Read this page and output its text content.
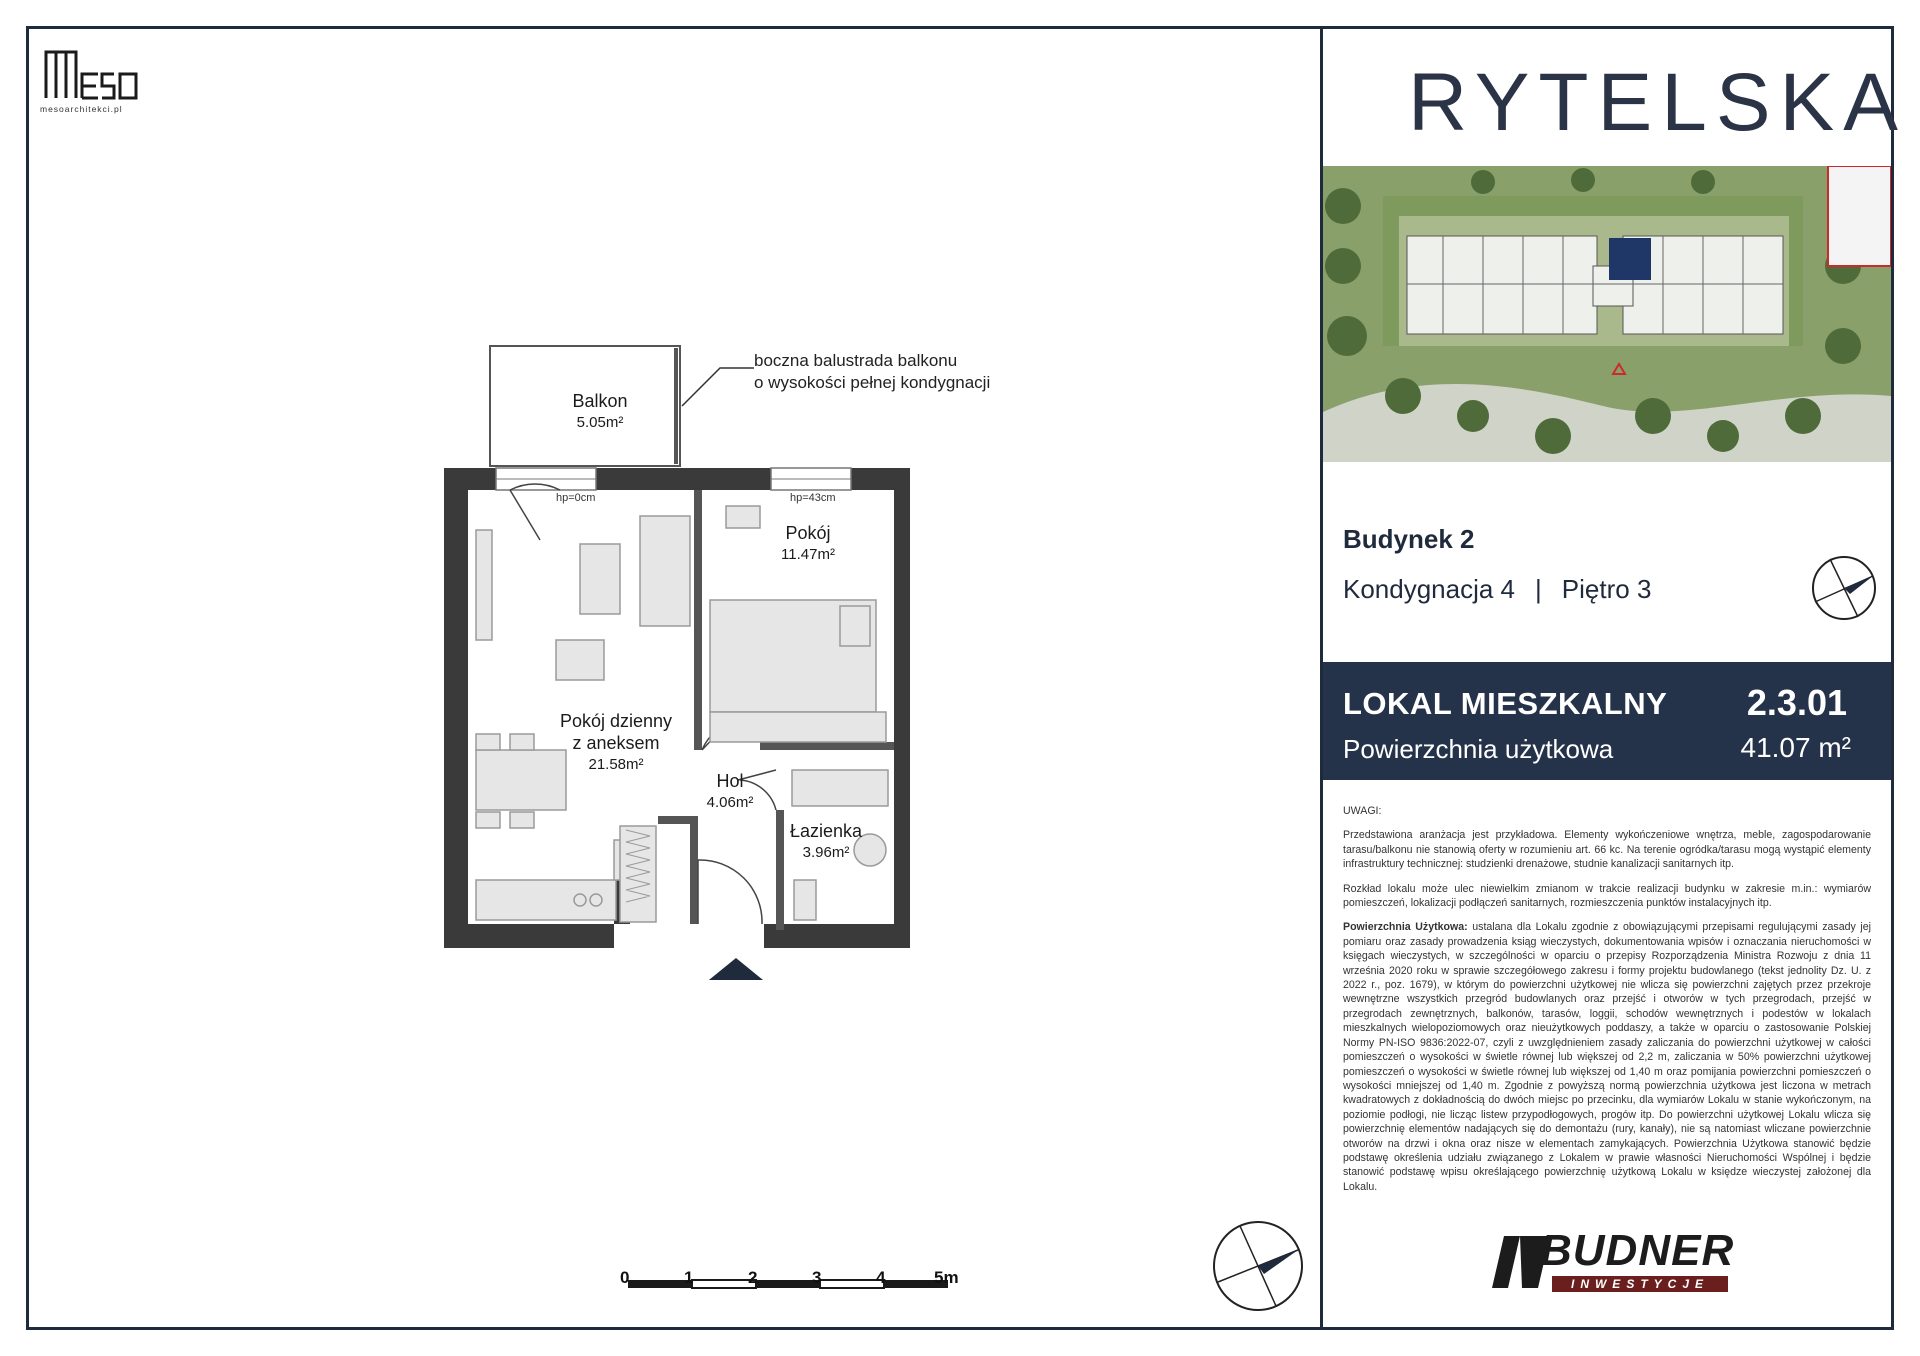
mesoarchitekci.pl
Balkon
5.05m²
Pokój
11.47m²
Pokój dzienny
z aneksem
21.58m²
Hol
4.06m²
Łazienka
3.96m²
hp=0cm	hp=43cm
boczna balustrada balkonu
o wysokości pełnej kondygnacji
0	1	2	3	4	5m
RYTELSKA
Budynek 2
Kondygnacja 4 | Piętro 3
LOKAL MIESZKALNY 2.3.01
Powierzchnia użytkowa	41.07 m²

UWAGI:

Przedstawiona aranżacja jest przykładowa. Elementy wykończeniowe wnętrza, meble, zagospodarowanie tarasu/balkonu nie stanowią oferty w rozumieniu art. 66 kc. Na terenie ogródka/tarasu mogą wystąpić elementy infrastruktury technicznej: studzienki drenażowe, studnie kanalizacji sanitarnych itp.

Rozkład lokalu może ulec niewielkim zmianom w trakcie realizacji budynku w zakresie m.in.: wymiarów pomieszczeń, lokalizacji podłączeń sanitarnych, rozmieszczenia punktów instalacyjnych itp.

Powierzchnia Użytkowa: ustalana dla Lokalu zgodnie z obowiązującymi przepisami regulującymi zasady jej pomiaru oraz zasady prowadzenia ksiąg wieczystych, dokumentowania wpisów i oznaczania nieruchomości w księgach wieczystych, w szczególności w oparciu o przepisy Rozporządzenia Ministra Rozwoju z dnia 11 września 2020 roku w sprawie szczegółowego zakresu i formy projektu budowlanego (tekst jednolity Dz. U. z 2022 r., poz. 1679), w którym do powierzchni użytkowej nie wlicza się powierzchni zajętych przez przekroje wewnętrzne wszystkich przegród budowlanych oraz przejść i otworów w tych przegrodach, przejść w przegrodach zewnętrznych, balkonów, tarasów, loggii, schodów wewnętrznych i podestów w lokalach mieszkalnych wielopoziomowych oraz nieużytkowych poddaszy, a także w oparciu o zastosowanie Polskiej Normy PN-ISO 9836:2022-07, czyli z uwzględnieniem zasady zaliczania do powierzchni użytkowej w całości pomieszczeń o wysokości w świetle równej lub większej od 2,2 m, zaliczania w 50% powierzchni użytkowej pomieszczeń o wysokości w świetle równej lub większej od 1,40 m oraz pomijania powierzchni pomieszczeń o wysokości mniejszej od 1,40 m. Zgodnie z powyższą normą powierzchnia użytkowa jest liczona w metrach kwadratowych z dokładnością do dwóch miejsc po przecinku, dla wymiarów Lokalu w stanie wykończonym, na poziomie podłogi, nie licząc listew przypodłogowych, progów itp. Do powierzchni użytkowej Lokalu wlicza się powierzchnię elementów nadających się do demontażu (rury, kanały), nie są natomiast wliczane powierzchnie otworów na drzwi i okna oraz nisze w elementach zamykających. Powierzchnia Użytkowa stanowić będzie podstawę określenia udziału związanego z Lokalem w prawie własności Nieruchomości Wspólnej i będzie stanowić podstawę wpisu określającego powierzchnię użytkową Lokalu w księdze wieczystej założonej dla Lokalu.

BUDNER
INWESTYCJE
